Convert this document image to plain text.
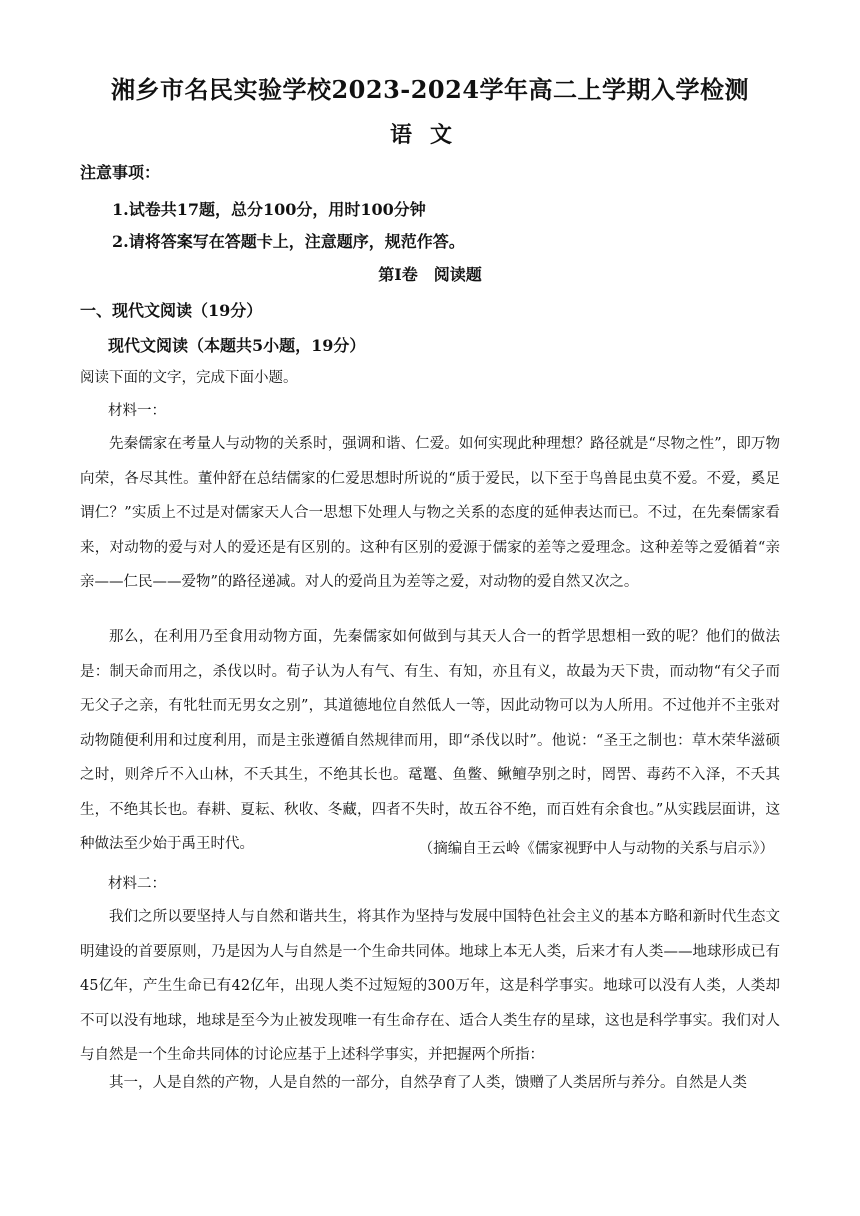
湘乡市名民实验学校2023-2024学年高二上学期入学检测
语文
注意事项：
1.试卷共17题，总分100分，用时100分钟
2.请将答案写在答题卡上，注意题序，规范作答。
第Ⅰ卷　阅读题
一、现代文阅读（19分）
现代文阅读（本题共5小题，19分）
阅读下面的文字，完成下面小题。
材料一：

先秦儒家在考量人与动物的关系时，强调和谐、仁爱。如何实现此种理想？路径就是“尽物之性”，即万物向荣，各尽其性。董仲舒在总结儒家的仁爱思想时所说的“质于爱民，以下至于鸟兽昆虫莫不爱。不爱，奚足谓仁？”实质上不过是对儒家天人合一思想下处理人与物之关系的态度的延伸表达而已。不过，在先秦儒家看来，对动物的爱与对人的爱还是有区别的。这种有区别的爱源于儒家的差等之爱理念。这种差等之爱循着“亲亲——仁民——爱物”的路径递减。对人的爱尚且为差等之爱，对动物的爱自然又次之。

那么，在利用乃至食用动物方面，先秦儒家如何做到与其天人合一的哲学思想相一致的呢？他们的做法是：制天命而用之，杀伐以时。荀子认为人有气、有生、有知，亦且有义，故最为天下贵，而动物“有父子而无父子之亲，有牝牡而无男女之别”，其道德地位自然低人一等，因此动物可以为人所用。不过他并不主张对动物随便利用和过度利用，而是主张遵循自然规律而用，即“杀伐以时”。他说：“圣王之制也：草木荣华滋硕之时，则斧斤不入山林，不夭其生，不绝其长也。鼋鼍、鱼鳖、鳅鳣孕别之时，罔罟、毒药不入泽，不夭其生，不绝其长也。春耕、夏耘、秋收、冬藏，四者不失时，故五谷不绝，而百姓有余食也。”从实践层面讲，这种做法至少始于禹王时代。	（摘编自王云岭《儒家视野中人与动物的关系与启示》）
材料二：

我们之所以要坚持人与自然和谐共生，将其作为坚持与发展中国特色社会主义的基本方略和新时代生态文明建设的首要原则，乃是因为人与自然是一个生命共同体。地球上本无人类，后来才有人类——地球形成已有45亿年，产生生命已有42亿年，出现人类不过短短的300万年，这是科学事实。地球可以没有人类，人类却不可以没有地球，地球是至今为止被发现唯一有生命存在、适合人类生存的星球，这也是科学事实。我们对人与自然是一个生命共同体的讨论应基于上述科学事实，并把握两个所指：

其一，人是自然的产物，人是自然的一部分，自然孕育了人类，馈赠了人类居所与养分。自然是人类
